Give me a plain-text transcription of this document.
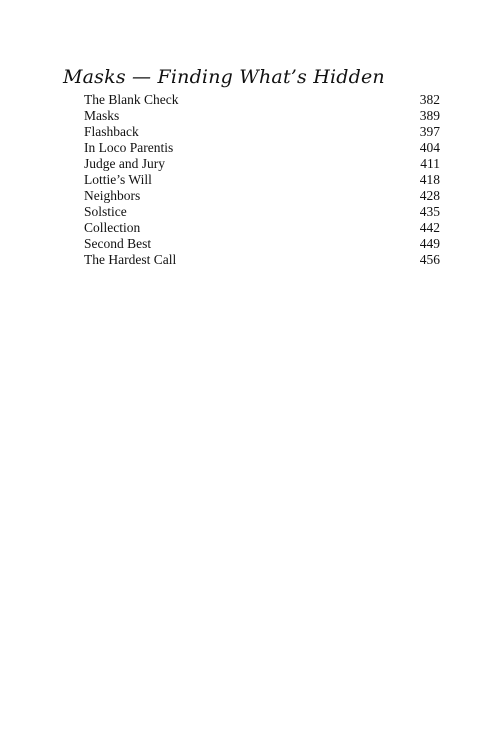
Masks — Finding What’s Hidden
The Blank Check	382
Masks	389
Flashback	397
In Loco Parentis	404
Judge and Jury	411
Lottie’s Will	418
Neighbors	428
Solstice	435
Collection	442
Second Best	449
The Hardest Call	456
